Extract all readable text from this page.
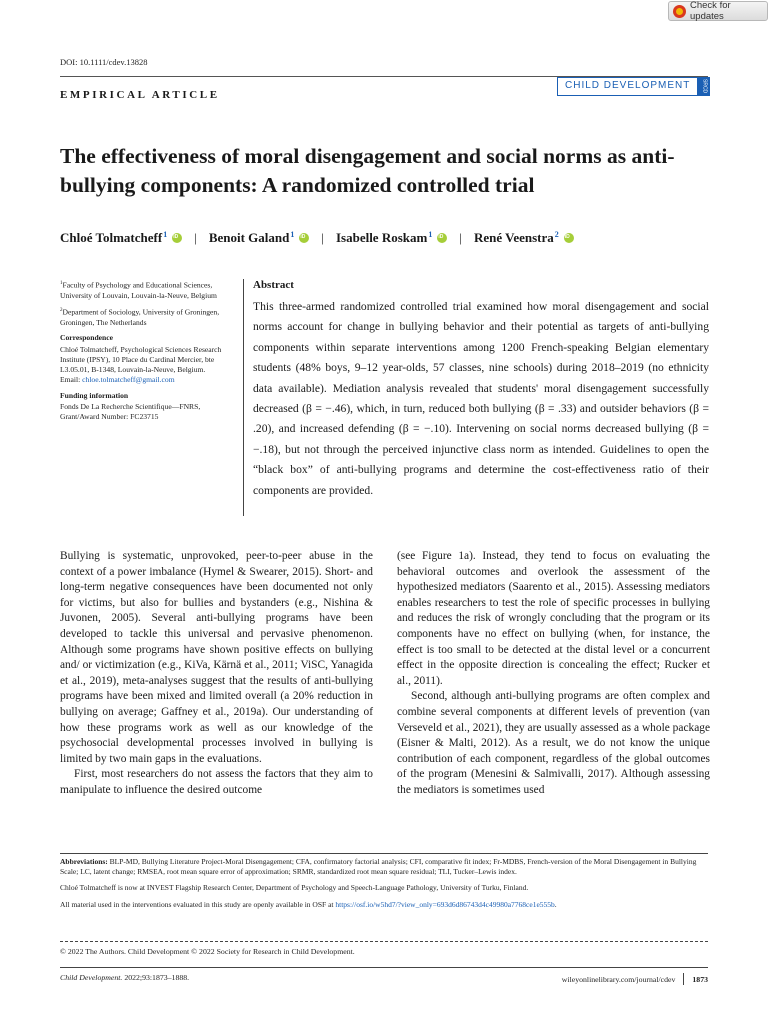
Check for updates
DOI: 10.1111/cdev.13828
EMPIRICAL ARTICLE
CHILD DEVELOPMENT	SRCD
The effectiveness of moral disengagement and social norms as anti-bullying components: A randomized controlled trial
Chloé Tolmatcheff$^1$ iD | Benoit Galand$^1$ iD | Isabelle Roskam$^1$ iD | René Veenstra$^2$
iD

$^1$Faculty of Psychology and Educational Sciences, University of Louvain, Louvain-la-Neuve, Belgium

$^2$Department of Sociology, University of Groningen, Groningen, The Netherlands

Correspondence

Chloé Tolmatcheff, Psychological Sciences Research Institute (IPSY), 10 Place du Cardinal Mercier, bte L3.05.01, B-1348, Louvain-la-Neuve, Belgium.
Email: chloe.tolmatcheff@gmail.com

Funding information

Fonds De La Recherche Scientifique—FNRS, Grant/Award Number: FC23715

Abstract

This three-armed randomized controlled trial examined how moral disengagement and social norms account for change in bullying behavior and their potential as targets of anti-bullying components within separate interventions among 1200 French-speaking Belgian elementary students (48% boys, 9–12 year-olds, 57 classes, nine schools) during 2018–2019 (no ethnicity data available). Mediation analysis revealed that students' moral disengagement successfully decreased (β = −.46), which, in turn, reduced both bullying (β = .33) and outsider behaviors (β = .20), and increased defending (β = −.10). Intervening on social norms decreased bullying (β = −.18), but not through the perceived injunctive class norm as intended. Guidelines to open the “black box” of anti-bullying programs and determine the cost-effectiveness ratio of their components are provided.

Bullying is systematic, unprovoked, peer-to-peer abuse in the context of a power imbalance (Hymel & Swearer, 2015). Short- and long-term negative consequences have been documented not only for victims, but also for bullies and bystanders (e.g., Nishina & Juvonen, 2005). Several anti-bullying programs have been developed to tackle this universal and pervasive phenomenon. Although some programs have shown positive effects on bullying and/ or victimization (e.g., KiVa, Kärnä et al., 2011; ViSC, Yanagida et al., 2019), meta-analyses suggest that the results of anti-bullying programs have been mixed and limited overall (a 20% reduction in bullying on average; Gaffney et al., 2019a). Our understanding of how these programs work as well as our knowledge of the psychosocial developmental processes involved in bullying is limited by two main gaps in the evaluations.

First, most researchers do not assess the factors that they aim to manipulate to influence the desired outcome

(see Figure 1a). Instead, they tend to focus on evaluating the behavioral outcomes and overlook the assessment of the hypothesized mediators (Saarento et al., 2015). Assessing mediators enables researchers to test the role of specific processes in bullying and reduces the risk of wrongly concluding that the program or its components have no effect on bullying (when, for instance, the effect is too small to be detected at the distal level or a concurrent effect in the opposite direction is concealing the effect; Rucker et al., 2011).

Second, although anti-bullying programs are often complex and combine several components at different levels of prevention (van Verseveld et al., 2021), they are usually assessed as a whole package (Eisner & Malti, 2012). As a result, we do not know the unique contribution of each component, regardless of the global outcomes of the program (Menesini & Salmivalli, 2017). Although assessing the mediators is sometimes used

Abbreviations: BLP-MD, Bullying Literature Project-Moral Disengagement; CFA, confirmatory factorial analysis; CFI, comparative fit index; Fr-MDBS, French-version of the Moral Disengagement in Bullying Scale; LC, latent change; RMSEA, root mean square error of approximation; SRMR, standardized root mean square residual; TLI, Tucker–Lewis index.

Chloé Tolmatcheff is now at INVEST Flagship Research Center, Department of Psychology and Speech-Language Pathology, University of Turku, Finland.

All material used in the interventions evaluated in this study are openly available in OSF at https://osf.io/w5hd7/?view_only=693d6d86743d4c49980a7768ce1e555b.

© 2022 The Authors. Child Development © 2022 Society for Research in Child Development.
Child Development. 2022;93:1873–1888.	wileyonlinelibrary.com/journal/cdev 1873
